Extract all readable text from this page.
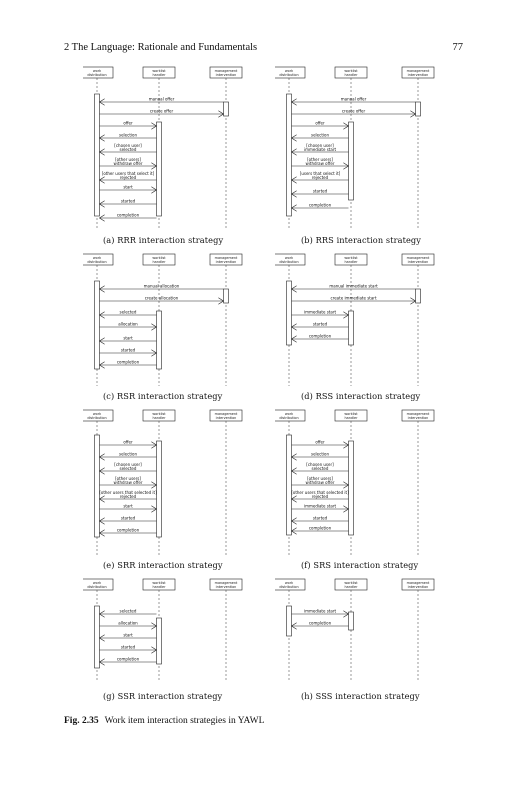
2 The Language: Rationale and Fundamentals	77
work distribution
worklist handler
management intervention
manual offer
create offer
offer
selection
[chosen user]
selected
[other users]
withdraw offer
[other users that select it]
rejected
start
started
completion
work distribution
worklist handler
management intervention
manual offer
create offer
offer
selection
[chosen user]
immediate start
[other users]
withdraw offer
[users that select it]
rejected
started
completion
work distribution
worklist handler
management intervention
manual allocation
create allocation
selected
allocation
start
started
completion
work distribution
worklist handler
management intervention
manual immediate start
create immediate start
immediate start
started
completion
work distribution
worklist handler
management intervention
offer
selection
[chosen user]
selected
[other users]
withdraw offer
[other users that selected it]
rejected
start
started
completion
work distribution
worklist handler
management intervention
offer
selection
[chosen user]
selected
[other users]
withdraw offer
[other users that selected it]
rejected
immediate start
started
completion
work distribution
worklist handler
management intervention
selected
allocation
start
started
completion
work distribution
worklist handler
management intervention
immediate start
completion
(a) RRR interaction strategy	(b) RRS interaction strategy
(c) RSR interaction strategy	(d) RSS interaction strategy
(e) SRR interaction strategy	(f) SRS interaction strategy
(g) SSR interaction strategy	(h) SSS interaction strategy
Fig. 2.35 Work item interaction strategies in YAWL
